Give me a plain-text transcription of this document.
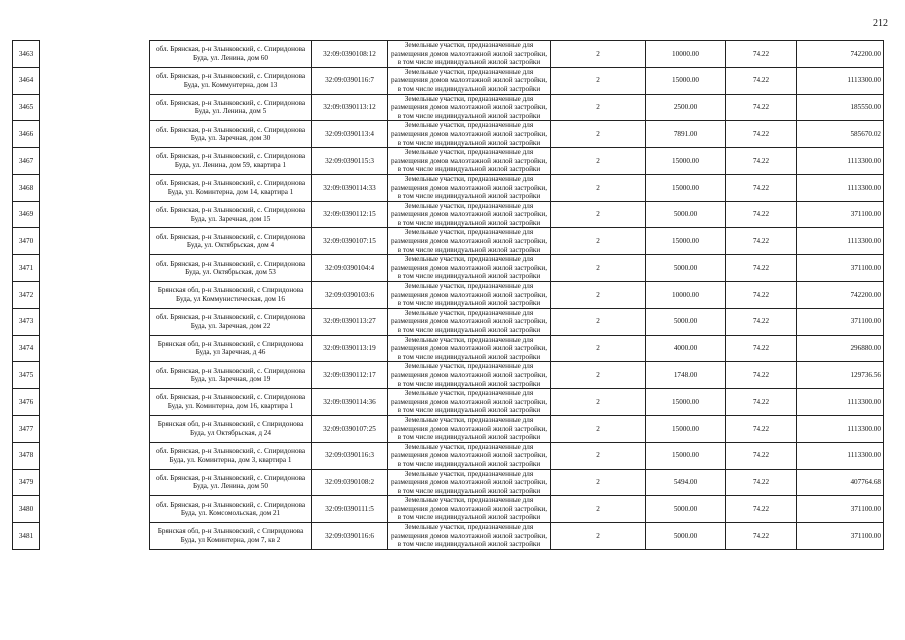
212
3463		обл. Брянская, р-н Злынковский, с. Спиридонова Буда, ул. Ленина, дом 60	32:09:0390108:12	Земельные участки, предназначенные для размещения домов малоэтажной жилой застройки, в том числе индивидуальной жилой застройки	2	10000.00	74.22	742200.00
3464		обл. Брянская, р-н Злынковский, с. Спиридонова Буда, ул. Коммунтерна, дом 13	32:09:0390116:7	Земельные участки, предназначенные для размещения домов малоэтажной жилой застройки, в том числе индивидуальной жилой застройки	2	15000.00	74.22	1113300.00
3465		обл. Брянская, р-н Злынковский, с. Спиридонова Буда, ул. Ленина, дом 5	32:09:0390113:12	Земельные участки, предназначенные для размещения домов малоэтажной жилой застройки, в том числе индивидуальной жилой застройки	2	2500.00	74.22	185550.00
3466		обл. Брянская, р-н Злынковский, с. Спиридонова Буда, ул. Заречная, дом 30	32:09:0390113:4	Земельные участки, предназначенные для размещения домов малоэтажной жилой застройки, в том числе индивидуальной жилой застройки	2	7891.00	74.22	585670.02
3467		обл. Брянская, р-н Злынковский, с. Спиридонова Буда, ул. Ленина, дом 59, квартира 1	32:09:0390115:3	Земельные участки, предназначенные для размещения домов малоэтажной жилой застройки, в том числе индивидуальной жилой застройки	2	15000.00	74.22	1113300.00
3468		обл. Брянская, р-н Злынковский, с. Спиридонова Буда, ул. Коминтерна, дом 14, квартира 1	32:09:0390114:33	Земельные участки, предназначенные для размещения домов малоэтажной жилой застройки, в том числе индивидуальной жилой застройки	2	15000.00	74.22	1113300.00
3469		обл. Брянская, р-н Злынковский, с. Спиридонова Буда, ул. Заречная, дом 15	32:09:0390112:15	Земельные участки, предназначенные для размещения домов малоэтажной жилой застройки, в том числе индивидуальной жилой застройки	2	5000.00	74.22	371100.00
3470		обл. Брянская, р-н Злынковский, с. Спиридонова Буда, ул. Октябрьская, дом 4	32:09:0390107:15	Земельные участки, предназначенные для размещения домов малоэтажной жилой застройки, в том числе индивидуальной жилой застройки	2	15000.00	74.22	1113300.00
3471		обл. Брянская, р-н Злынковский, с. Спиридонова Буда, ул. Октябрьская, дом 53	32:09:0390104:4	Земельные участки, предназначенные для размещения домов малоэтажной жилой застройки, в том числе индивидуальной жилой застройки	2	5000.00	74.22	371100.00
3472		Брянская обл, р-н Злынковский, с Спиридонова Буда, ул Коммунистическая, дом 16	32:09:0390103:6	Земельные участки, предназначенные для размещения домов малоэтажной жилой застройки, в том числе индивидуальной жилой застройки	2	10000.00	74.22	742200.00
3473		обл. Брянская, р-н Злынковский, с. Спиридонова Буда, ул. Заречная, дом 22	32:09:0390113:27	Земельные участки, предназначенные для размещения домов малоэтажной жилой застройки, в том числе индивидуальной жилой застройки	2	5000.00	74.22	371100.00
3474		Брянская обл, р-н Злынковский, с Спиридонова Буда, ул Заречная, д 46	32:09:0390113:19	Земельные участки, предназначенные для размещения домов малоэтажной жилой застройки, в том числе индивидуальной жилой застройки	2	4000.00	74.22	296880.00
3475		обл. Брянская, р-н Злынковский, с. Спиридонова Буда, ул. Заречная, дом 19	32:09:0390112:17	Земельные участки, предназначенные для размещения домов малоэтажной жилой застройки, в том числе индивидуальной жилой застройки	2	1748.00	74.22	129736.56
3476		обл. Брянская, р-н Злынковский, с. Спиридонова Буда, ул. Коминтерна, дом 16, квартира 1	32:09:0390114:36	Земельные участки, предназначенные для размещения домов малоэтажной жилой застройки, в том числе индивидуальной жилой застройки	2	15000.00	74.22	1113300.00
3477		Брянская обл, р-н Злынковский, с Спиридонова Буда, ул Октябрьская, д 24	32:09:0390107:25	Земельные участки, предназначенные для размещения домов малоэтажной жилой застройки, в том числе индивидуальной жилой застройки	2	15000.00	74.22	1113300.00
3478		обл. Брянская, р-н Злынковский, с. Спиридонова Буда, ул. Коминтерна, дом 3, квартира 1	32:09:0390116:3	Земельные участки, предназначенные для размещения домов малоэтажной жилой застройки, в том числе индивидуальной жилой застройки	2	15000.00	74.22	1113300.00
3479		обл. Брянская, р-н Злынковский, с. Спиридонова Буда, ул. Ленина, дом 50	32:09:0390108:2	Земельные участки, предназначенные для размещения домов малоэтажной жилой застройки, в том числе индивидуальной жилой застройки	2	5494.00	74.22	407764.68
3480		обл. Брянская, р-н Злынковский, с. Спиридонова Буда, ул. Комсомольская, дом 21	32:09:0390111:5	Земельные участки, предназначенные для размещения домов малоэтажной жилой застройки, в том числе индивидуальной жилой застройки	2	5000.00	74.22	371100.00
3481		Брянская обл, р-н Злынковский, с Спиридонова Буда, ул Коминтерна, дом 7, кв 2	32:09:0390116:6	Земельные участки, предназначенные для размещения домов малоэтажной жилой застройки, в том числе индивидуальной жилой застройки	2	5000.00	74.22	371100.00
